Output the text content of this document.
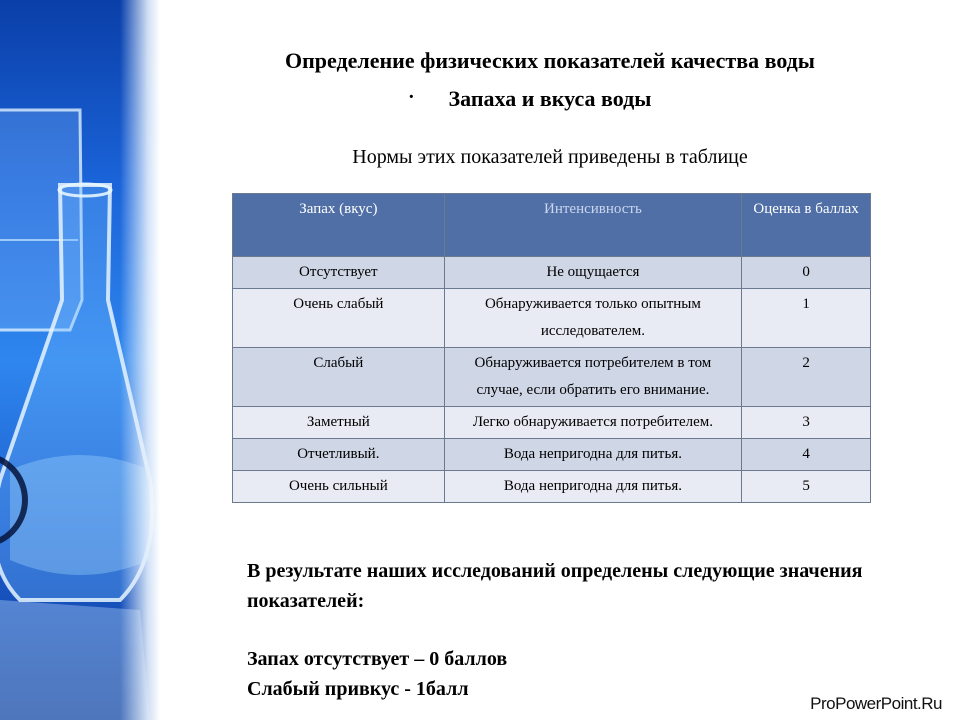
Определение физических показателей качества воды
·	Запаха и вкуса воды
Нормы этих показателей приведены в таблице
Запах (вкус)	Интенсивность	Оценка в баллах
Отсутствует	Не ощущается	0
Очень слабый	Обнаруживается только опытным исследователем.	1
Слабый	Обнаруживается потребителем в том случае, если обратить его внимание.	2
Заметный	Легко обнаруживается потребителем.	3
Отчетливый.	Вода непригодна для питья.	4
Очень сильный	Вода непригодна для питья.	5

В результате наших исследований определены следующие значения показателей:

Запах отсутствует – 0 баллов

Слабый привкус - 1балл

ProPowerPoint.Ru
